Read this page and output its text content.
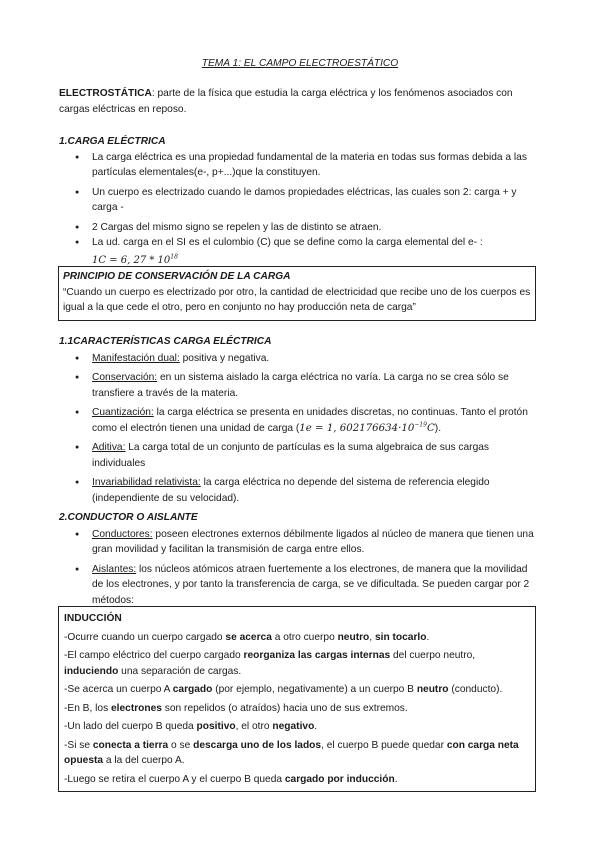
TEMA 1: EL CAMPO ELECTROESTÁTICO
ELECTROSTÁTICA: parte de la física que estudia la carga eléctrica y los fenómenos asociados con cargas eléctricas en reposo.
1.CARGA ELÉCTRICA
● La carga eléctrica es una propiedad fundamental de la materia en todas sus formas debida a las partículas elementales(e-, p+...)que la constituyen.
● Un cuerpo es electrizado cuando le damos propiedades eléctricas, las cuales son 2: carga + y carga -
● 2 Cargas del mismo signo se repelen y las de distinto se atraen.
● La ud. carga en el SI es el culombio (C) que se define como la carga elemental del e- :
1C = 6, $27 * 10^{18}$
PRINCIPIO DE CONSERVACIÓN DE LA CARGA
“Cuando un cuerpo es electrizado por otro, la cantidad de electricidad que recibe uno de los cuerpos es igual a la que cede el otro, pero en conjunto no hay producción neta de carga”
1.1CARACTERÍSTICAS CARGA ELÉCTRICA
● Manifestación dual: positiva y negativa.
● Conservación: en un sistema aislado la carga eléctrica no varía. La carga no se crea sólo se transfiere a través de la materia.
● Cuantización: la carga eléctrica se presenta en unidades discretas, no continuas. Tanto el protón como el electrón tienen una unidad de carga (1e = 1, $602176634\cdot 10^{-19}C$).
● Aditiva: La carga total de un conjunto de partículas es la suma algebraica de sus cargas individuales
● Invariabilidad relativista: la carga eléctrica no depende del sistema de referencia elegido (independiente de su velocidad).
2.CONDUCTOR O AISLANTE
● Conductores: poseen electrones externos débilmente ligados al núcleo de manera que tienen una gran movilidad y facilitan la transmisión de carga entre ellos.
● Aislantes: los núcleos atómicos atraen fuertemente a los electrones, de manera que la movilidad de los electrones, y por tanto la transferencia de carga, se ve dificultada. Se pueden cargar por 2 métodos:
INDUCCIÓN
-Ocurre cuando un cuerpo cargado se acerca a otro cuerpo neutro, sin tocarlo.
-El campo eléctrico del cuerpo cargado reorganiza las cargas internas del cuerpo neutro, induciendo una separación de cargas.
-Se acerca un cuerpo A cargado (por ejemplo, negativamente) a un cuerpo B neutro (conducto).
-En B, los electrones son repelidos (o atraídos) hacia uno de sus extremos.
-Un lado del cuerpo B queda positivo, el otro negativo.
-Si se conecta a tierra o se descarga uno de los lados, el cuerpo B puede quedar con carga neta opuesta a la del cuerpo A.
-Luego se retira el cuerpo A y el cuerpo B queda cargado por inducción.
